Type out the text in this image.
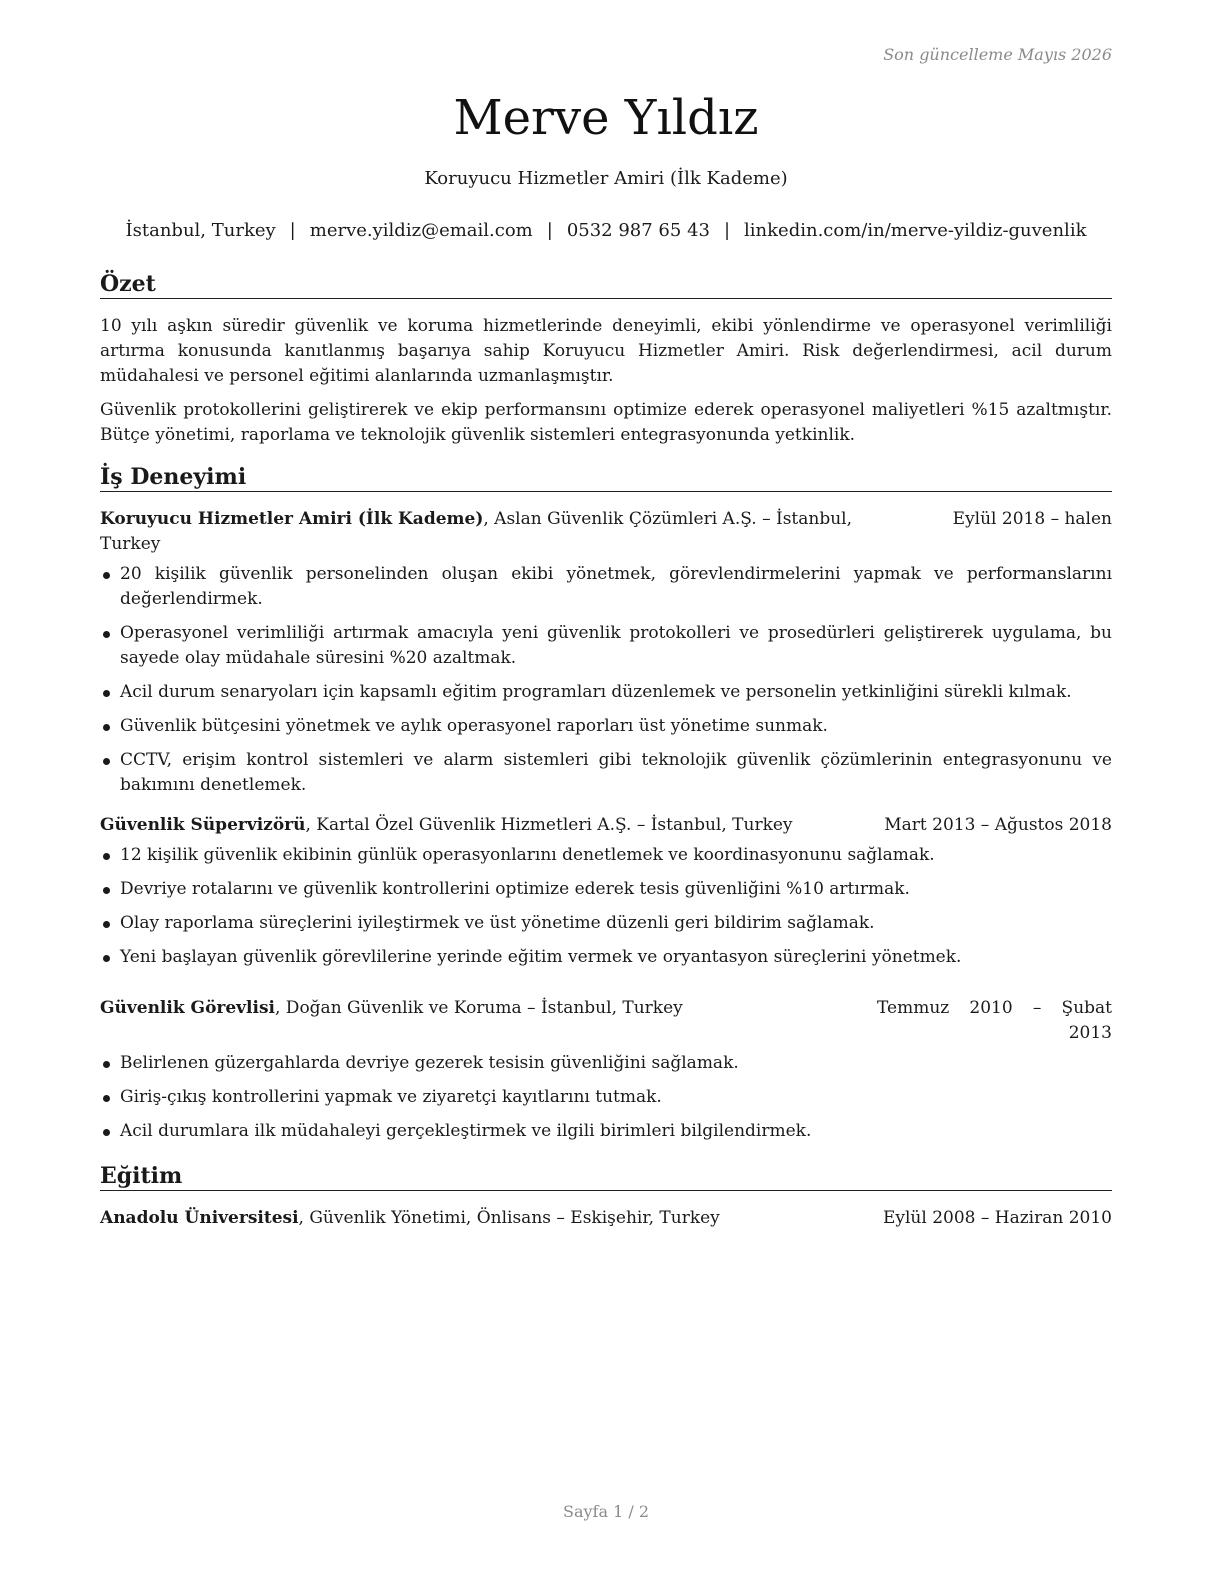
Son güncelleme Mayıs 2026
Merve Yıldız
Koruyucu Hizmetler Amiri (İlk Kademe)
İstanbul, Turkey | merve.yildiz@email.com | 0532 987 65 43 | linkedin.com/in/merve-yildiz-guvenlik
Özet
10 yılı aşkın süredir güvenlik ve koruma hizmetlerinde deneyimli, ekibi yönlendirme ve operasyonel verimliliği artırma konusunda kanıtlanmış başarıya sahip Koruyucu Hizmetler Amiri. Risk değerlendirmesi, acil durum müdahalesi ve personel eğitimi alanlarında uzmanlaşmıştır.
Güvenlik protokollerini geliştirerek ve ekip performansını optimize ederek operasyonel maliyetleri %15 azaltmıştır. Bütçe yönetimi, raporlama ve teknolojik güvenlik sistemleri entegrasyonunda yetkinlik.
İş Deneyimi
Koruyucu Hizmetler Amiri (İlk Kademe), Aslan Güvenlik Çözümleri A.Ş. – İstanbul, Turkey
Eylül 2018 – halen
20 kişilik güvenlik personelinden oluşan ekibi yönetmek, görevlendirmelerini yapmak ve performanslarını değerlendirmek.
Operasyonel verimliliği artırmak amacıyla yeni güvenlik protokolleri ve prosedürleri geliştirerek uygulama, bu sayede olay müdahale süresini %20 azaltmak.
Acil durum senaryoları için kapsamlı eğitim programları düzenlemek ve personelin yetkinliğini sürekli kılmak.
Güvenlik bütçesini yönetmek ve aylık operasyonel raporları üst yönetime sunmak.
CCTV, erişim kontrol sistemleri ve alarm sistemleri gibi teknolojik güvenlik çözümlerinin entegrasyonunu ve bakımını denetlemek.
Güvenlik Süpervizörü, Kartal Özel Güvenlik Hizmetleri A.Ş. – İstanbul, Turkey	Mart 2013 – Ağustos 2018
12 kişilik güvenlik ekibinin günlük operasyonlarını denetlemek ve koordinasyonunu sağlamak.
Devriye rotalarını ve güvenlik kontrollerini optimize ederek tesis güvenliğini %10 artırmak.
Olay raporlama süreçlerini iyileştirmek ve üst yönetime düzenli geri bildirim sağlamak.
Yeni başlayan güvenlik görevlilerine yerinde eğitim vermek ve oryantasyon süreçlerini yönetmek.
Güvenlik Görevlisi, Doğan Güvenlik ve Koruma – İstanbul, Turkey	Temmuz 2010 – Şubat 2013
Belirlenen güzergahlarda devriye gezerek tesisin güvenliğini sağlamak.
Giriş-çıkış kontrollerini yapmak ve ziyaretçi kayıtlarını tutmak.
Acil durumlara ilk müdahaleyi gerçekleştirmek ve ilgili birimleri bilgilendirmek.
Eğitim
Anadolu Üniversitesi, Güvenlik Yönetimi, Önlisans – Eskişehir, Turkey	Eylül 2008 – Haziran 2010
Sayfa 1 / 2
